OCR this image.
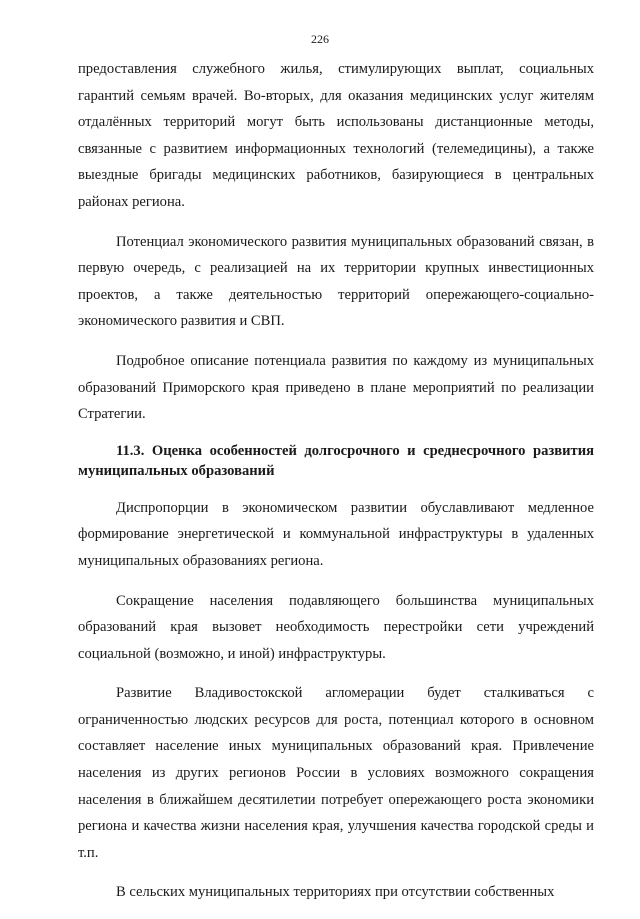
226

предоставления служебного жилья, стимулирующих выплат, социальных гарантий семьям врачей. Во-вторых, для оказания медицинских услуг жителям отдалённых территорий могут быть использованы дистанционные методы, связанные с развитием информационных технологий (телемедицины), а также выездные бригады медицинских работников, базирующиеся в центральных районах региона.

Потенциал экономического развития муниципальных образований связан, в первую очередь, с реализацией на их территории крупных инвестиционных проектов, а также деятельностью территорий опережающего-социально-экономического развития и СВП.

Подробное описание потенциала развития по каждому из муниципальных образований Приморского края приведено в плане мероприятий по реализации Стратегии.

11.3. Оценка особенностей долгосрочного и среднесрочного развития муниципальных образований

Диспропорции в экономическом развитии обуславливают медленное формирование энергетической и коммунальной инфраструктуры в удаленных муниципальных образованиях региона.

Сокращение населения подавляющего большинства муниципальных образований края вызовет необходимость перестройки сети учреждений социальной (возможно, и иной) инфраструктуры.

Развитие Владивостокской агломерации будет сталкиваться с ограниченностью людских ресурсов для роста, потенциал которого в основном составляет население иных муниципальных образований края. Привлечение населения из других регионов России в условиях возможного сокращения населения в ближайшем десятилетии потребует опережающего роста экономики региона и качества жизни населения края, улучшения качества городской среды и т.п.

В сельских муниципальных территориях при отсутствии собственных
